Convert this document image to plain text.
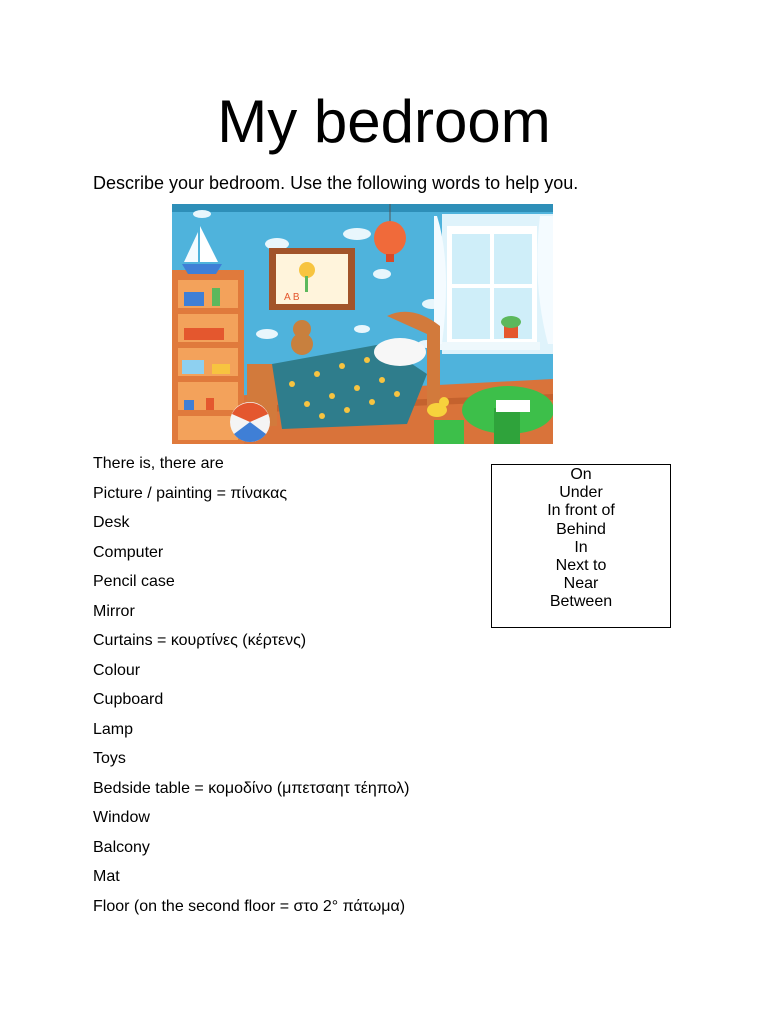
My bedroom
Describe your bedroom. Use the following words to help you.
A B
There is, there are
Picture / painting = πίνακας
Desk
Computer
Pencil case
Mirror
Curtains = κουρτίνες (κέρτενς)
Colour
Cupboard
Lamp
Toys
Bedside table = κομοδίνο (μπετσαητ τέηπολ)
Window
Balcony
Mat
Floor (on the second floor = στο 2° πάτωμα)
On
Under
In front of
Behind
In
Next to
Near
Between
